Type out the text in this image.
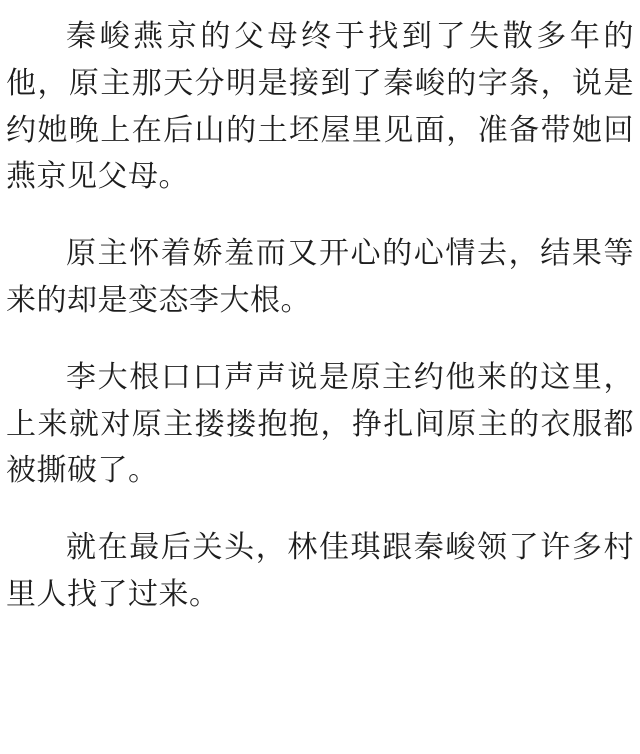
秦峻燕京的父母终于找到了失散多年的他，原主那天分明是接到了秦峻的字条，说是约她晚上在后山的土坯屋里见面，准备带她回燕京见父母。

原主怀着娇羞而又开心的心情去，结果等来的却是变态李大根。

李大根口口声声说是原主约他来的这里，上来就对原主搂搂抱抱，挣扎间原主的衣服都被撕破了。

就在最后关头，林佳琪跟秦峻领了许多村里人找了过来。
